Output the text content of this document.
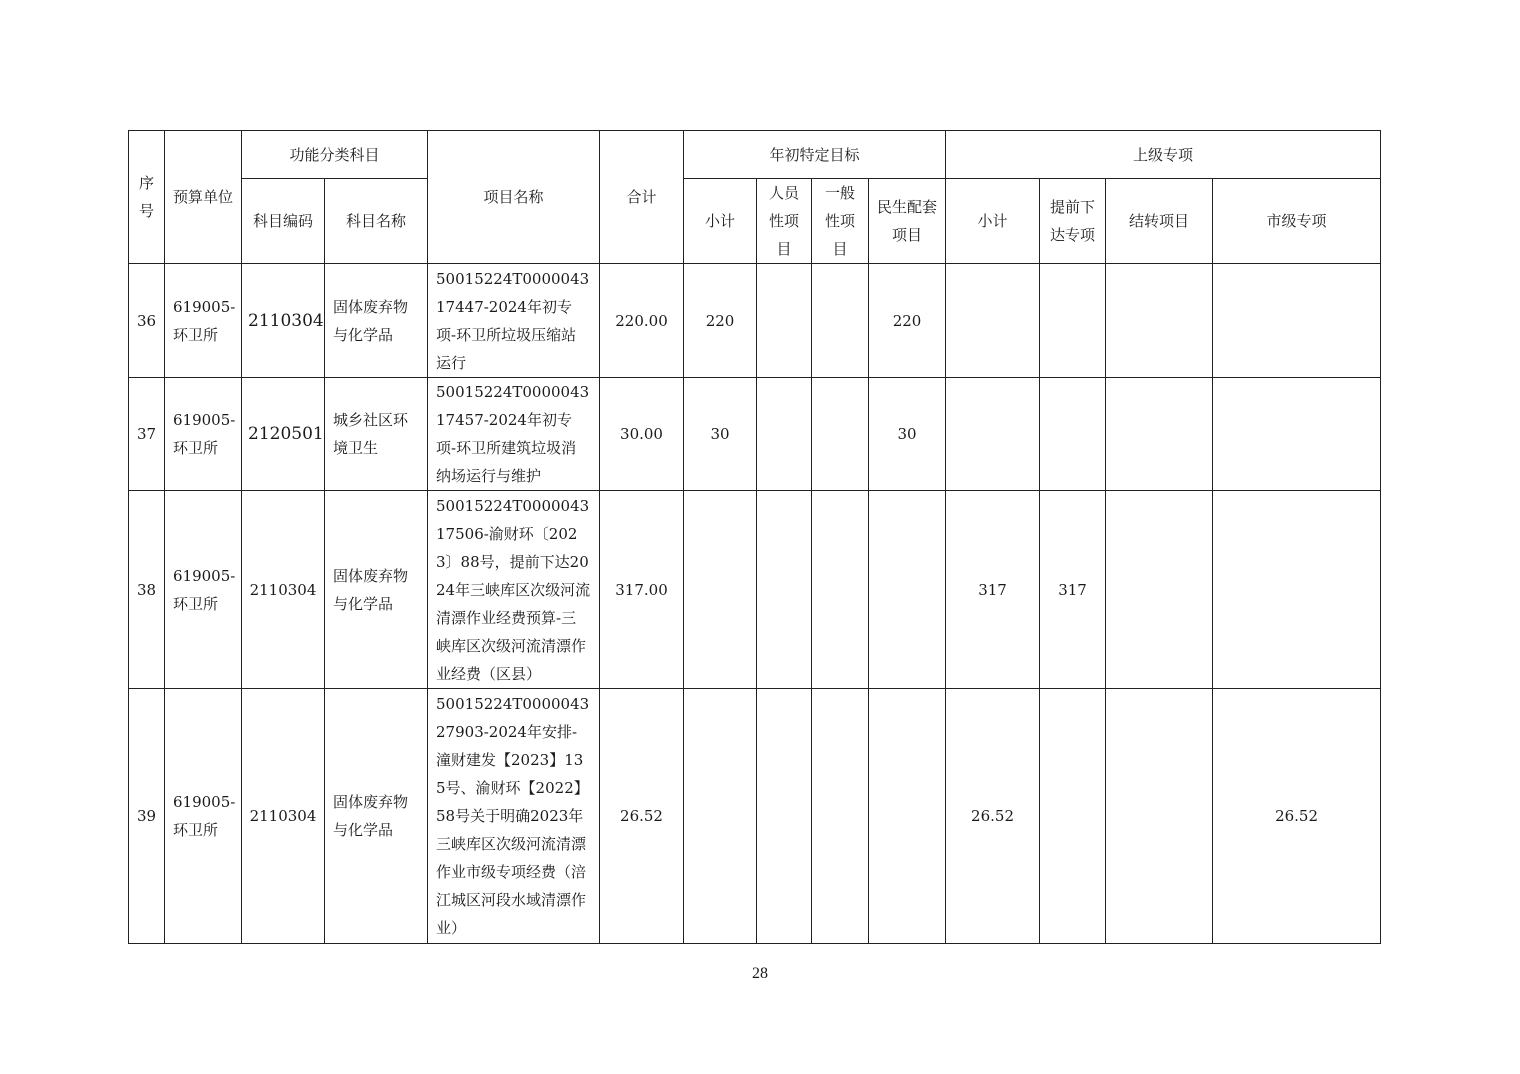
序号	预算单位	功能分类科目		项目名称	合计	年初特定目标				上级专项			
		科目编码	科目名称			小计	人员性项目	一般性项目	民生配套项目	小计	提前下达专项	结转项目	市级专项
36	619005-环卫所	2110304	固体废弃物与化学品	50015224T000004317447-2024年初专项-环卫所垃圾压缩站运行	220.00	220			220				
37	619005-环卫所	2120501	城乡社区环境卫生	50015224T000004317457-2024年初专项-环卫所建筑垃圾消纳场运行与维护	30.00	30			30				
38	619005-环卫所	2110304	固体废弃物与化学品	50015224T000004317506-渝财环〔2023〕88号，提前下达2024年三峡库区次级河流清漂作业经费预算-三峡库区次级河流清漂作业经费（区县）	317.00					317	317		
39	619005-环卫所	2110304	固体废弃物与化学品	50015224T000004327903-2024年安排-潼财建发【2023】135号、渝财环【2022】58号关于明确2023年三峡库区次级河流清漂作业市级专项经费（涪江城区河段水域清漂作业）	26.52					26.52			26.52
28
